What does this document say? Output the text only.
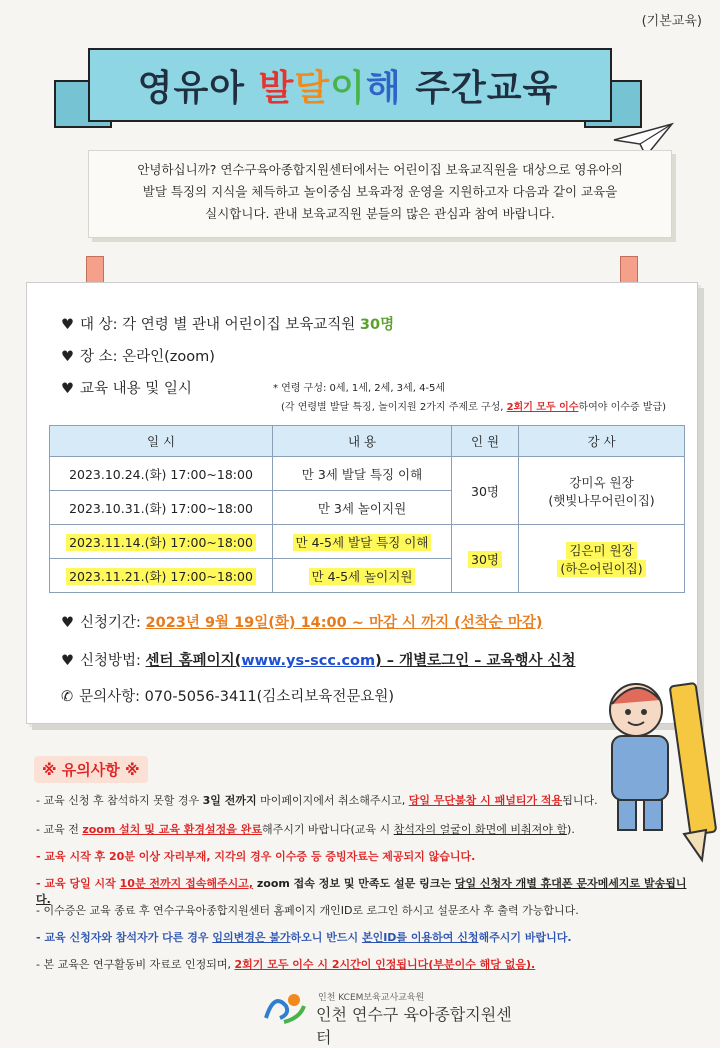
(기본교육)
영유아 발달이해 주간교육

안녕하십니까? 연수구육아종합지원센터에서는 어린이집 보육교직원을 대상으로 영유아의
발달 특징의 지식을 체득하고 놀이중심 보육과정 운영을 지원하고자 다음과 같이 교육을
실시합니다. 관내 보육교직원 분들의 많은 관심과 참여 바랍니다.

♥ 대 상: 각 연령 별 관내 어린이집 보육교직원 30명
♥ 장 소: 온라인(zoom)
♥ 교육 내용 및 일시	* 연령 구성: 0세, 1세, 2세, 3세, 4-5세
(각 연령별 발달 특징, 놀이지원 2가지 주제로 구성, 2회기 모두 이수하여야 이수증 발급)
일 시	내 용	인 원	강 사
2023.10.24.(화) 17:00~18:00	만 3세 발달 특징 이해	30명	강미옥 원장
(햇빛나무어린이집)
2023.10.31.(화) 17:00~18:00	만 3세 놀이지원		
2023.11.14.(화) 17:00~18:00	만 4-5세 발달 특징 이해	30명	김은미 원장
(하은어린이집)
2023.11.21.(화) 17:00~18:00	만 4-5세 놀이지원		
♥ 신청기간: 2023년 9월 19일(화) 14:00 ~ 마감 시 까지 (선착순 마감)
♥ 신청방법: 센터 홈페이지(www.ys-scc.com) – 개별로그인 – 교육행사 신청
✆ 문의사항: 070-5056-3411(김소리보육전문요원)
※ 유의사항 ※
- 교육 신청 후 참석하지 못할 경우 3일 전까지 마이페이지에서 취소해주시고, 당일 무단불참 시 패널티가 적용됩니다.
- 교육 전 zoom 설치 및 교육 환경설정을 완료해주시기 바랍니다(교육 시 참석자의 얼굴이 화면에 비춰져야 함).
- 교육 시작 후 20분 이상 자리부재, 지각의 경우 이수증 등 증빙자료는 제공되지 않습니다.
- 교육 당일 시작 10분 전까지 접속해주시고, zoom 접속 정보 및 만족도 설문 링크는 당일 신청자 개별 휴대폰 문자메세지로 발송됩니다.
- 이수증은 교육 종료 후 연수구육아종합지원센터 홈페이지 개인ID로 로그인 하시고 설문조사 후 출력 가능합니다.
- 교육 신청자와 참석자가 다른 경우 임의변경은 불가하오니 반드시 본인ID를 이용하여 신청해주시기 바랍니다.
- 본 교육은 연구활동비 자료로 인정되며, 2회기 모두 이수 시 2시간이 인정됩니다(부분이수 해당 없음).
인천 KCEM보육교사교육원
인천 연수구 육아종합지원센터
